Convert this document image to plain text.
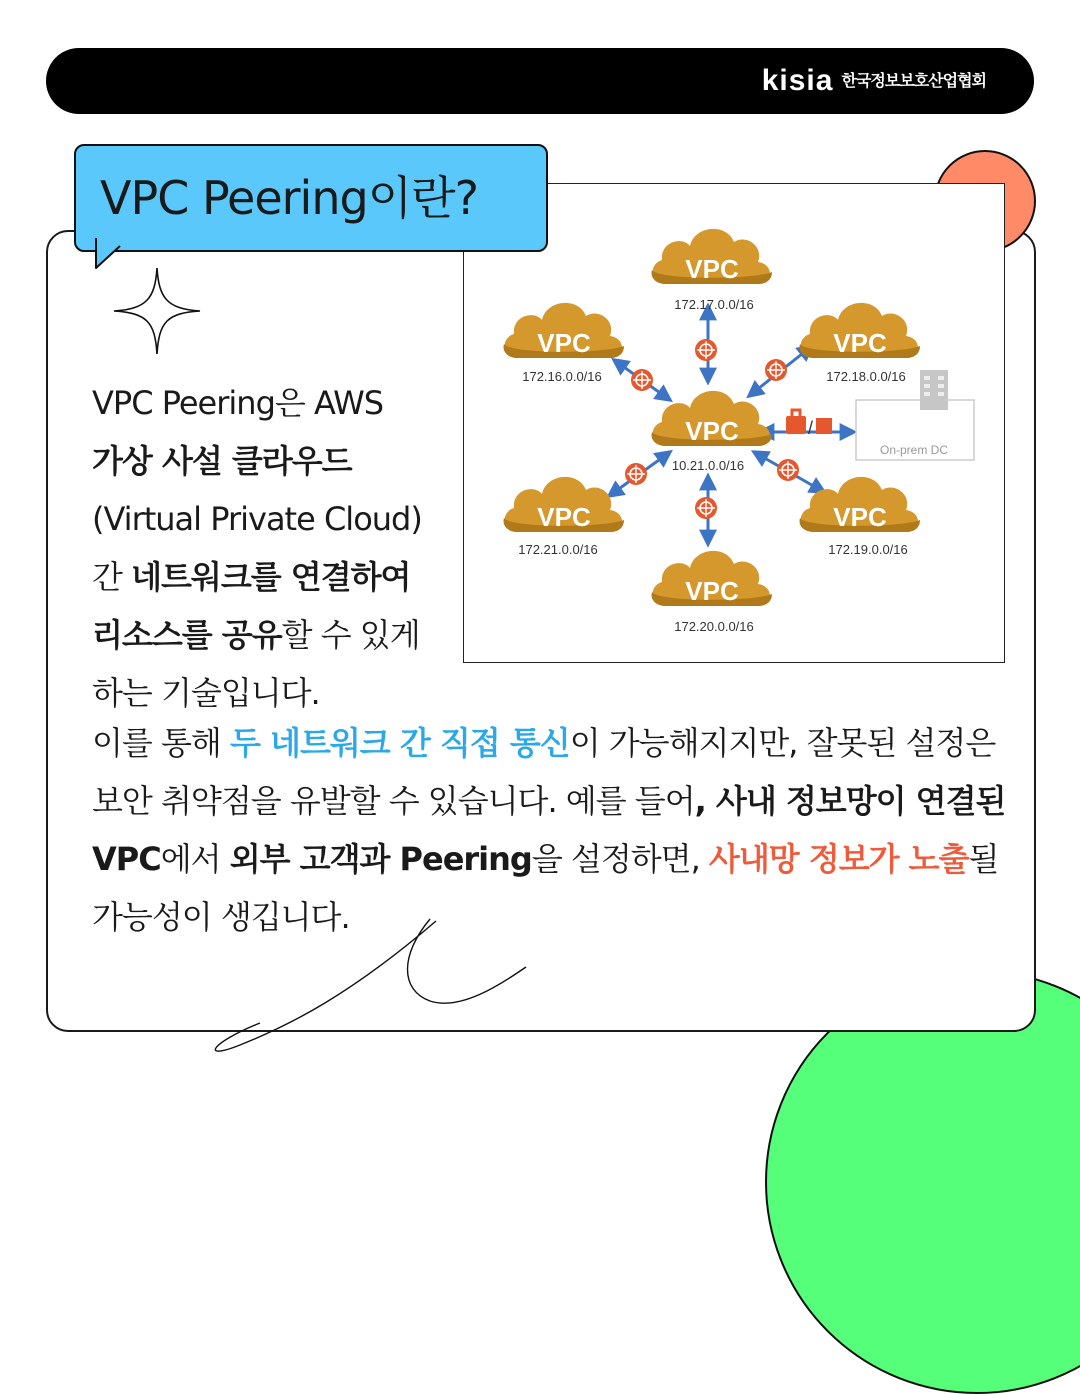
kisia 한국정보보호산업협회
/
On-prem DC
VPC
172.17.0.0/16
VPC
172.16.0.0/16
VPC
172.18.0.0/16
VPC
10.21.0.0/16
VPC
172.21.0.0/16
VPC
172.19.0.0/16
VPC
172.20.0.0/16
VPC Peering이란?
VPC Peering은 AWS
가상 사설 클라우드
(Virtual Private Cloud)
간 네트워크를 연결하여
리소스를 공유할 수 있게
하는 기술입니다.
이를 통해 두 네트워크 간 직접 통신이 가능해지지만, 잘못된 설정은
보안 취약점을 유발할 수 있습니다. 예를 들어, 사내 정보망이 연결된
VPC에서 외부 고객과 Peering을 설정하면, 사내망 정보가 노출될
가능성이 생깁니다.
